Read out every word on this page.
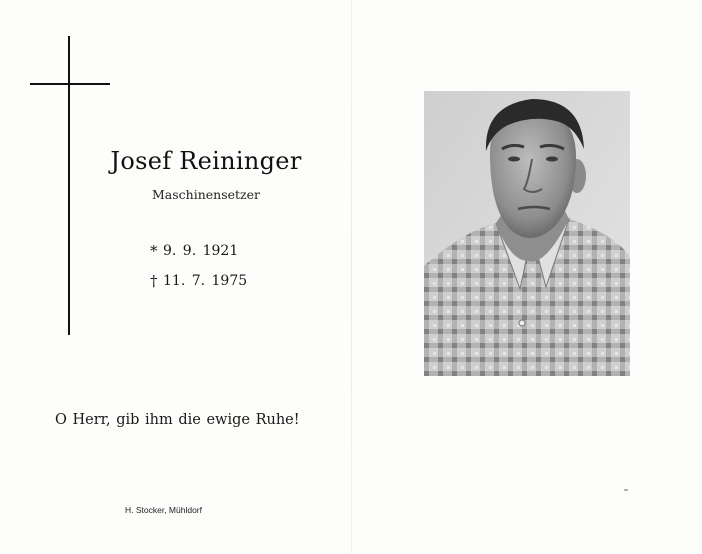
Josef Reininger
Maschinensetzer
* 9. 9. 1921
† 11. 7. 1975
O Herr, gib ihm die ewige Ruhe!
H. Stocker, Mühldorf
